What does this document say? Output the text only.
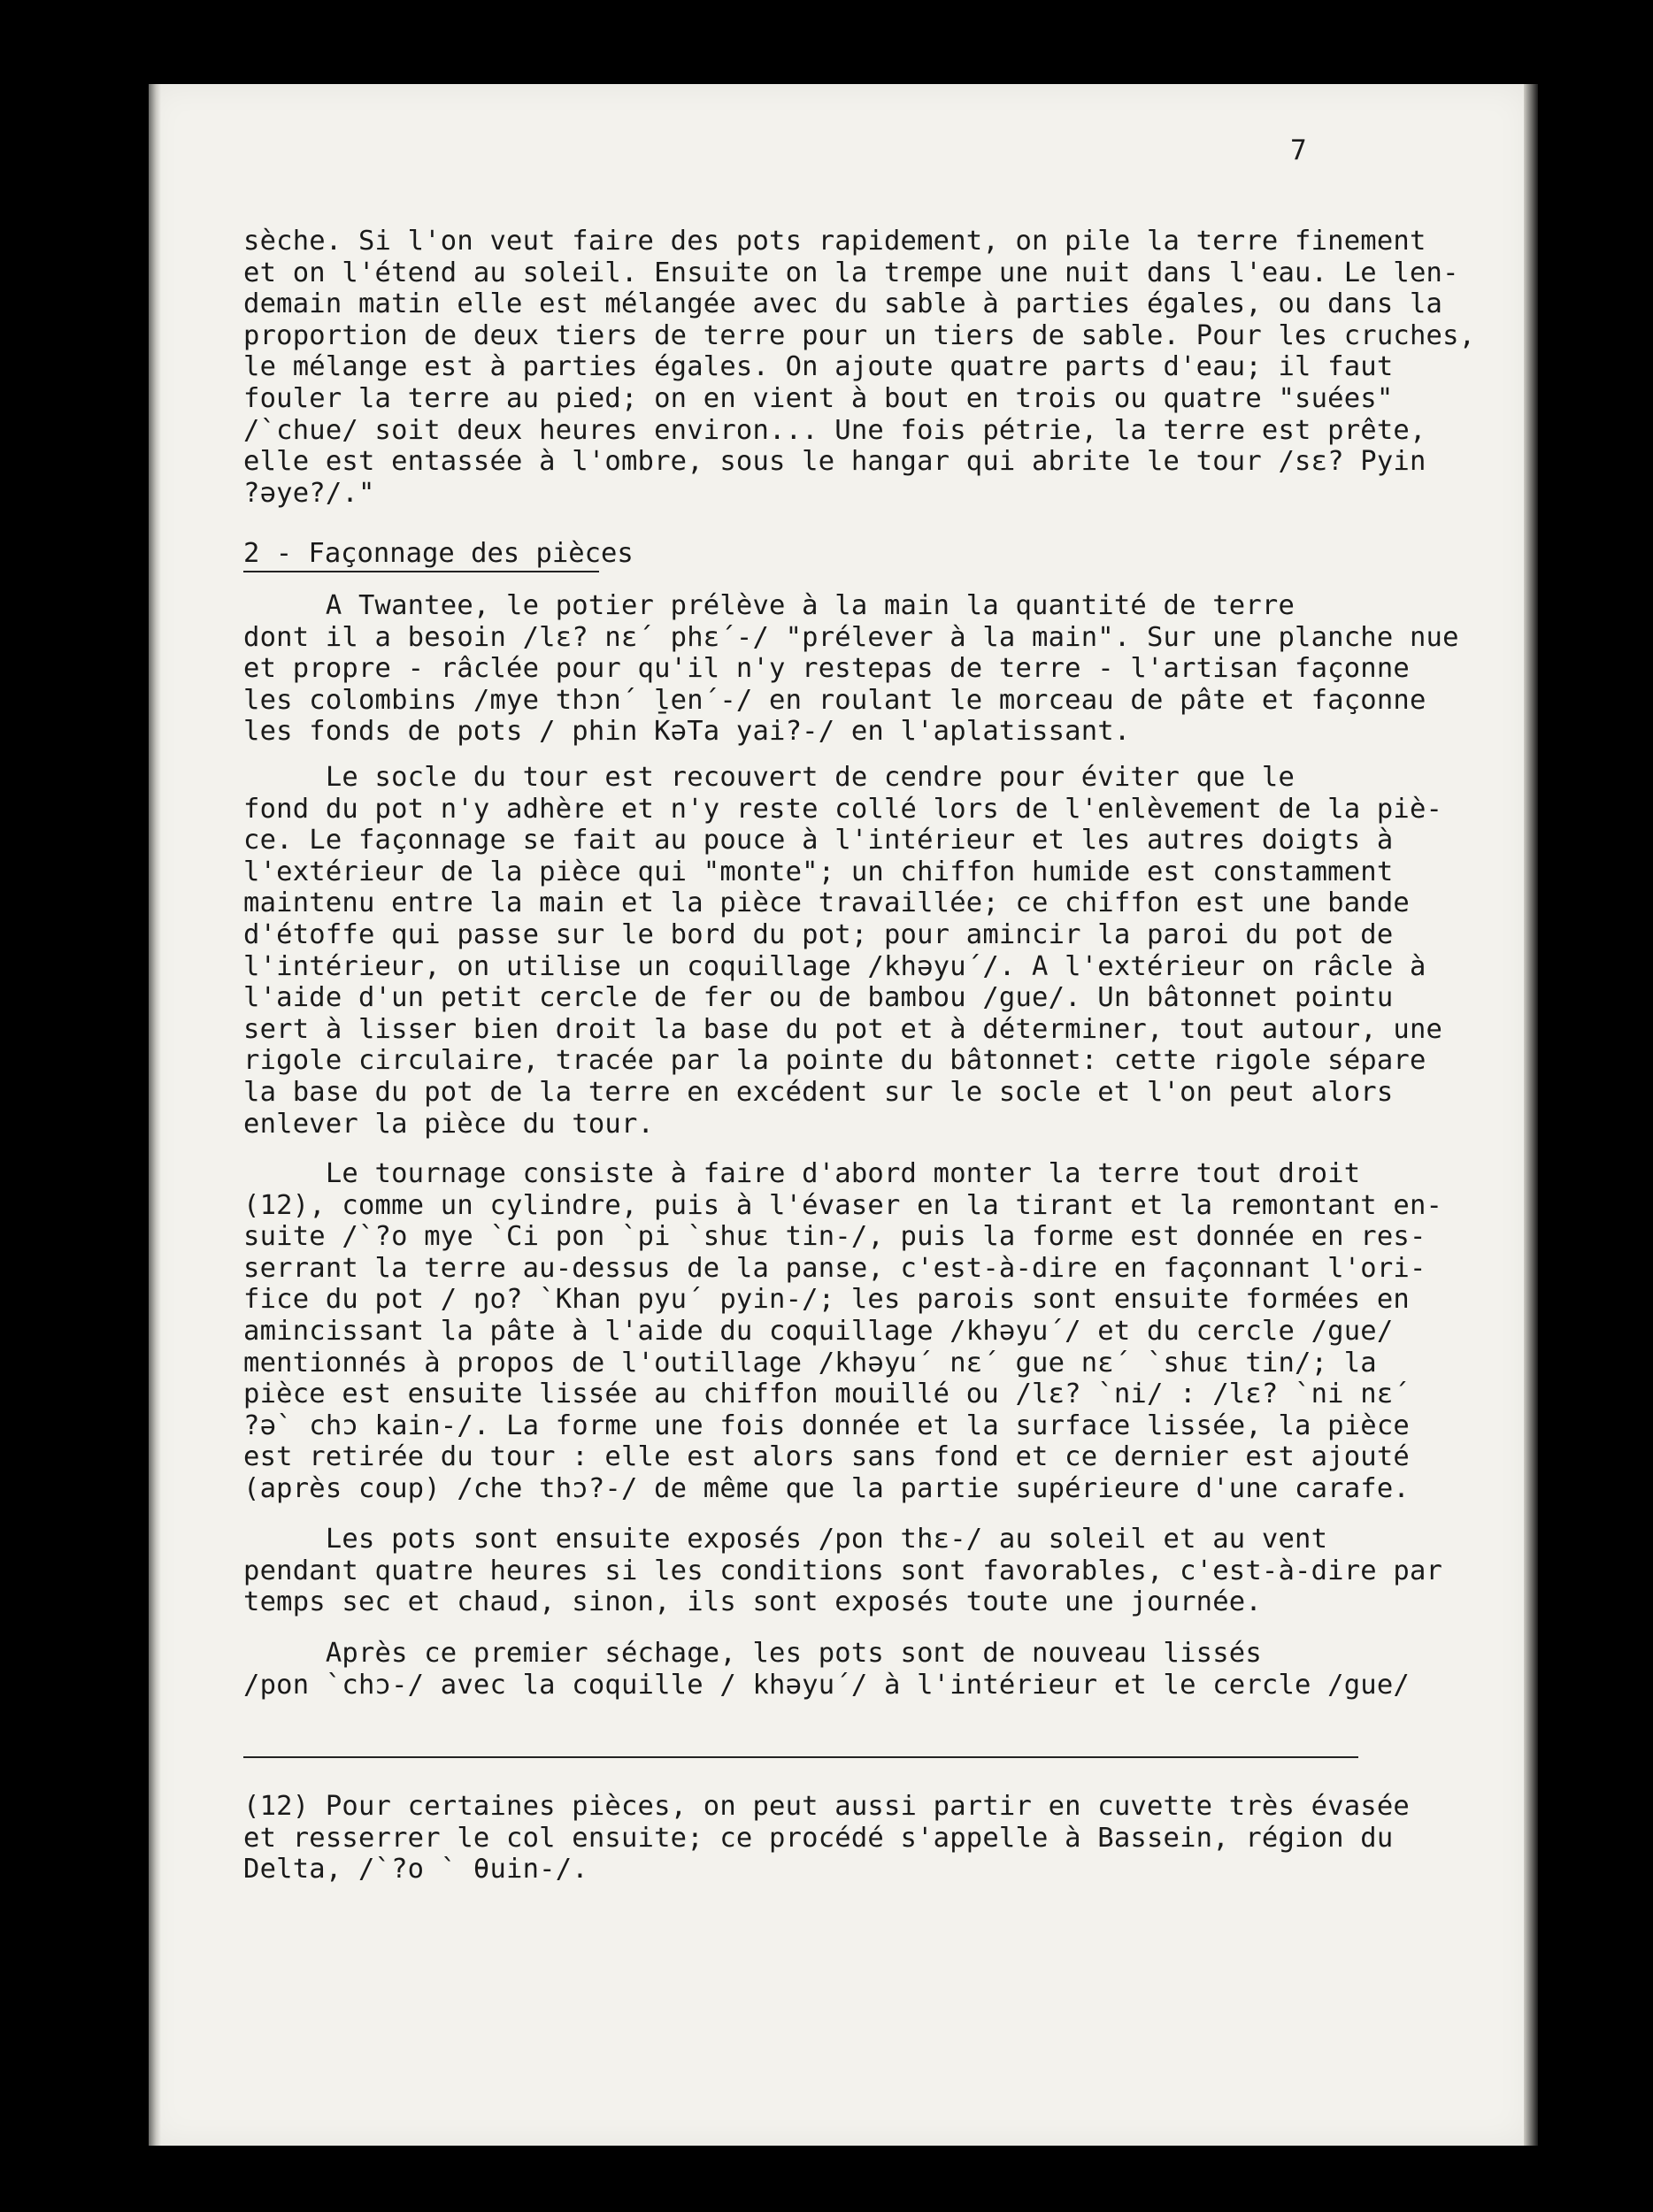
7
sèche. Si l'on veut faire des pots rapidement, on pile la terre finement
et on l'étend au soleil. Ensuite on la trempe une nuit dans l'eau. Le
demain matin elle est mélangée avec du sable à parties égales, ou dans
proportion de deux tiers de terre pour un tiers de sable. Pour les
le mélange est à parties égales. On ajoute quatre parts d'eau; il faut
fouler la terre au pied; on en vient à bout en trois ou quatre "suées"
/`chue/ soit deux heures environ... Une fois pétrie, la terre est prête,
elle est entassée à l'ombre, sous le hangar qui abrite le tour /sɛ? Pyin
?əye?/."
2 - Façonnage des pièces
A Twantee, le potier prélève à la main la quantité de terre
dont il a besoin /lɛ? nɛ´ phɛ´-/ "prélever à la main". Sur une planche
et propre - râclée pour qu'il n'y restepas de terre - l'artisan façonne
les colombins /mye thɔn´ ḻen´-/ en roulant le morceau de pâte et façonne
les fonds de pots / phin KəTa yai?-/ en l'aplatissant.
Le socle du tour est recouvert de cendre pour éviter que le
fond du pot n'y adhère et n'y reste collé lors de l'enlèvement de la
ce. Le façonnage se fait au pouce à l'intérieur et les autres doigts à
l'extérieur de la pièce qui "monte"; un chiffon humide est constamment
maintenu entre la main et la pièce travaillée; ce chiffon est une bande
d'étoffe qui passe sur le bord du pot; pour amincir la paroi du pot de
l'intérieur, on utilise un coquillage /khəyu´/. A l'extérieur on râcle
l'aide d'un petit cercle de fer ou de bambou /gue/. Un bâtonnet pointu
sert à lisser bien droit la base du pot et à déterminer, tout autour,
rigole circulaire, tracée par la pointe du bâtonnet: cette rigole sépare
la base du pot de la terre en excédent sur le socle et l'on peut alors
enlever la pièce du tour.
Le tournage consiste à faire d'abord monter la terre tout droit
(12), comme un cylindre, puis à l'évaser en la tirant et la remontant
suite /`?o mye `Ci pon `pi `shuɛ tin-/, puis la forme est donnée en res-
serrant la terre au-dessus de la panse, c'est-à-dire en façonnant l'ori-
fice du pot / ŋo? `Khan pyu´ pyin-/; les parois sont ensuite formées en
amincissant la pâte à l'aide du coquillage /khəyu´/ et du cercle /gue/
mentionnés à propos de l'outillage /khəyu´ nɛ´ gue nɛ´ `shuɛ tin/; la
pièce est ensuite lissée au chiffon mouillé ou /lɛ? `ni/ : /lɛ? `ni nɛ´
?ə` chɔ kain-/. La forme une fois donnée et la surface lissée, la pièce
est retirée du tour : elle est alors sans fond et ce dernier est ajouté
(après coup) /che thɔ?-/ de même que la partie supérieure d'une carafe.
Les pots sont ensuite exposés /pon thɛ-/ au soleil et au vent
pendant quatre heures si les conditions sont favorables, c'est-à-dire
temps sec et chaud, sinon, ils sont exposés toute une journée.
Après ce premier séchage, les pots sont de nouveau lissés
/pon `chɔ-/ avec la coquille / khəyu´/ à l'intérieur et le cercle /gue/
(12) Pour certaines pièces, on peut aussi partir en cuvette très évasée
et resserrer le col ensuite; ce procédé s'appelle à Bassein, région du
Delta, /`?o ` θuin-/.
